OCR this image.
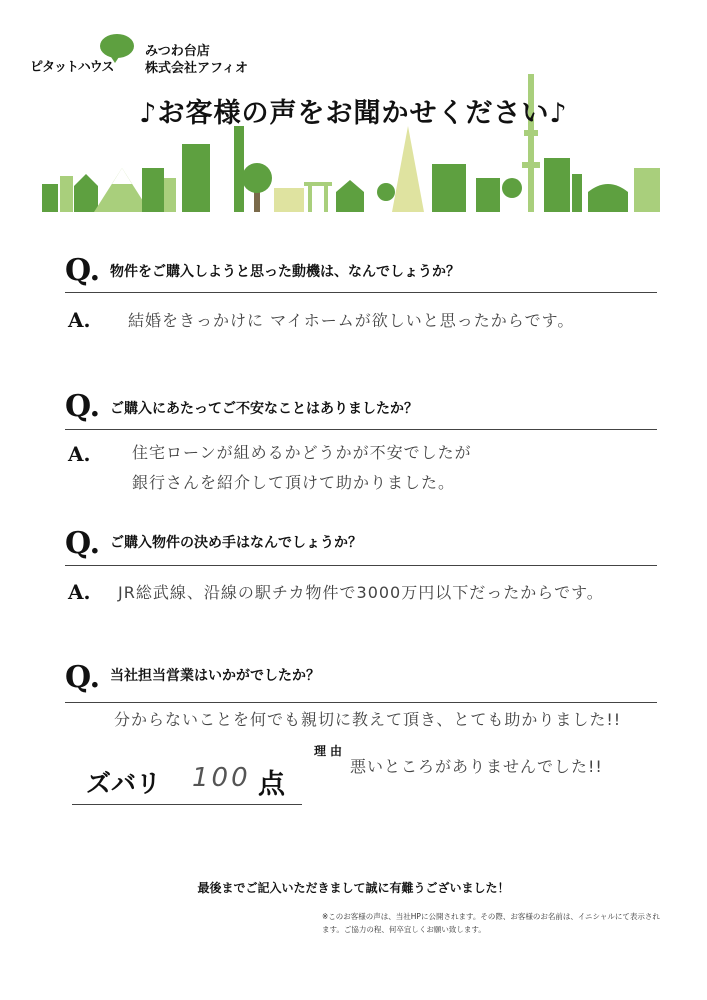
ピタットハウス
みつわ台店
株式会社アフィオ
♪お客様の声をお聞かせください♪
Q. 物件をご購入しようと思った動機は、なんでしょうか？
A. 結婚をきっかけに マイホームが欲しいと思ったからです。
Q. ご購入にあたってご不安なことはありましたか？
A.	住宅ローンが組めるかどうかが不安でしたが
銀行さんを紹介して頂けて助かりました。
Q. ご購入物件の決め手はなんでしょうか？
A. JR総武線、沿線の駅チカ物件で3000万円以下だったからです。
Q. 当社担当営業はいかがでしたか？
分からないことを何でも親切に教えて頂き、とても助かりました!!
ズバリ 100 点
理由
悪いところがありませんでした!!
最後までご記入いただきまして誠に有難うございました！
※このお客様の声は、当社HPに公開されます。その際、お客様のお名前は、イニシャルにて表示されます。ご協力の程、何卒宜しくお願い致します。
